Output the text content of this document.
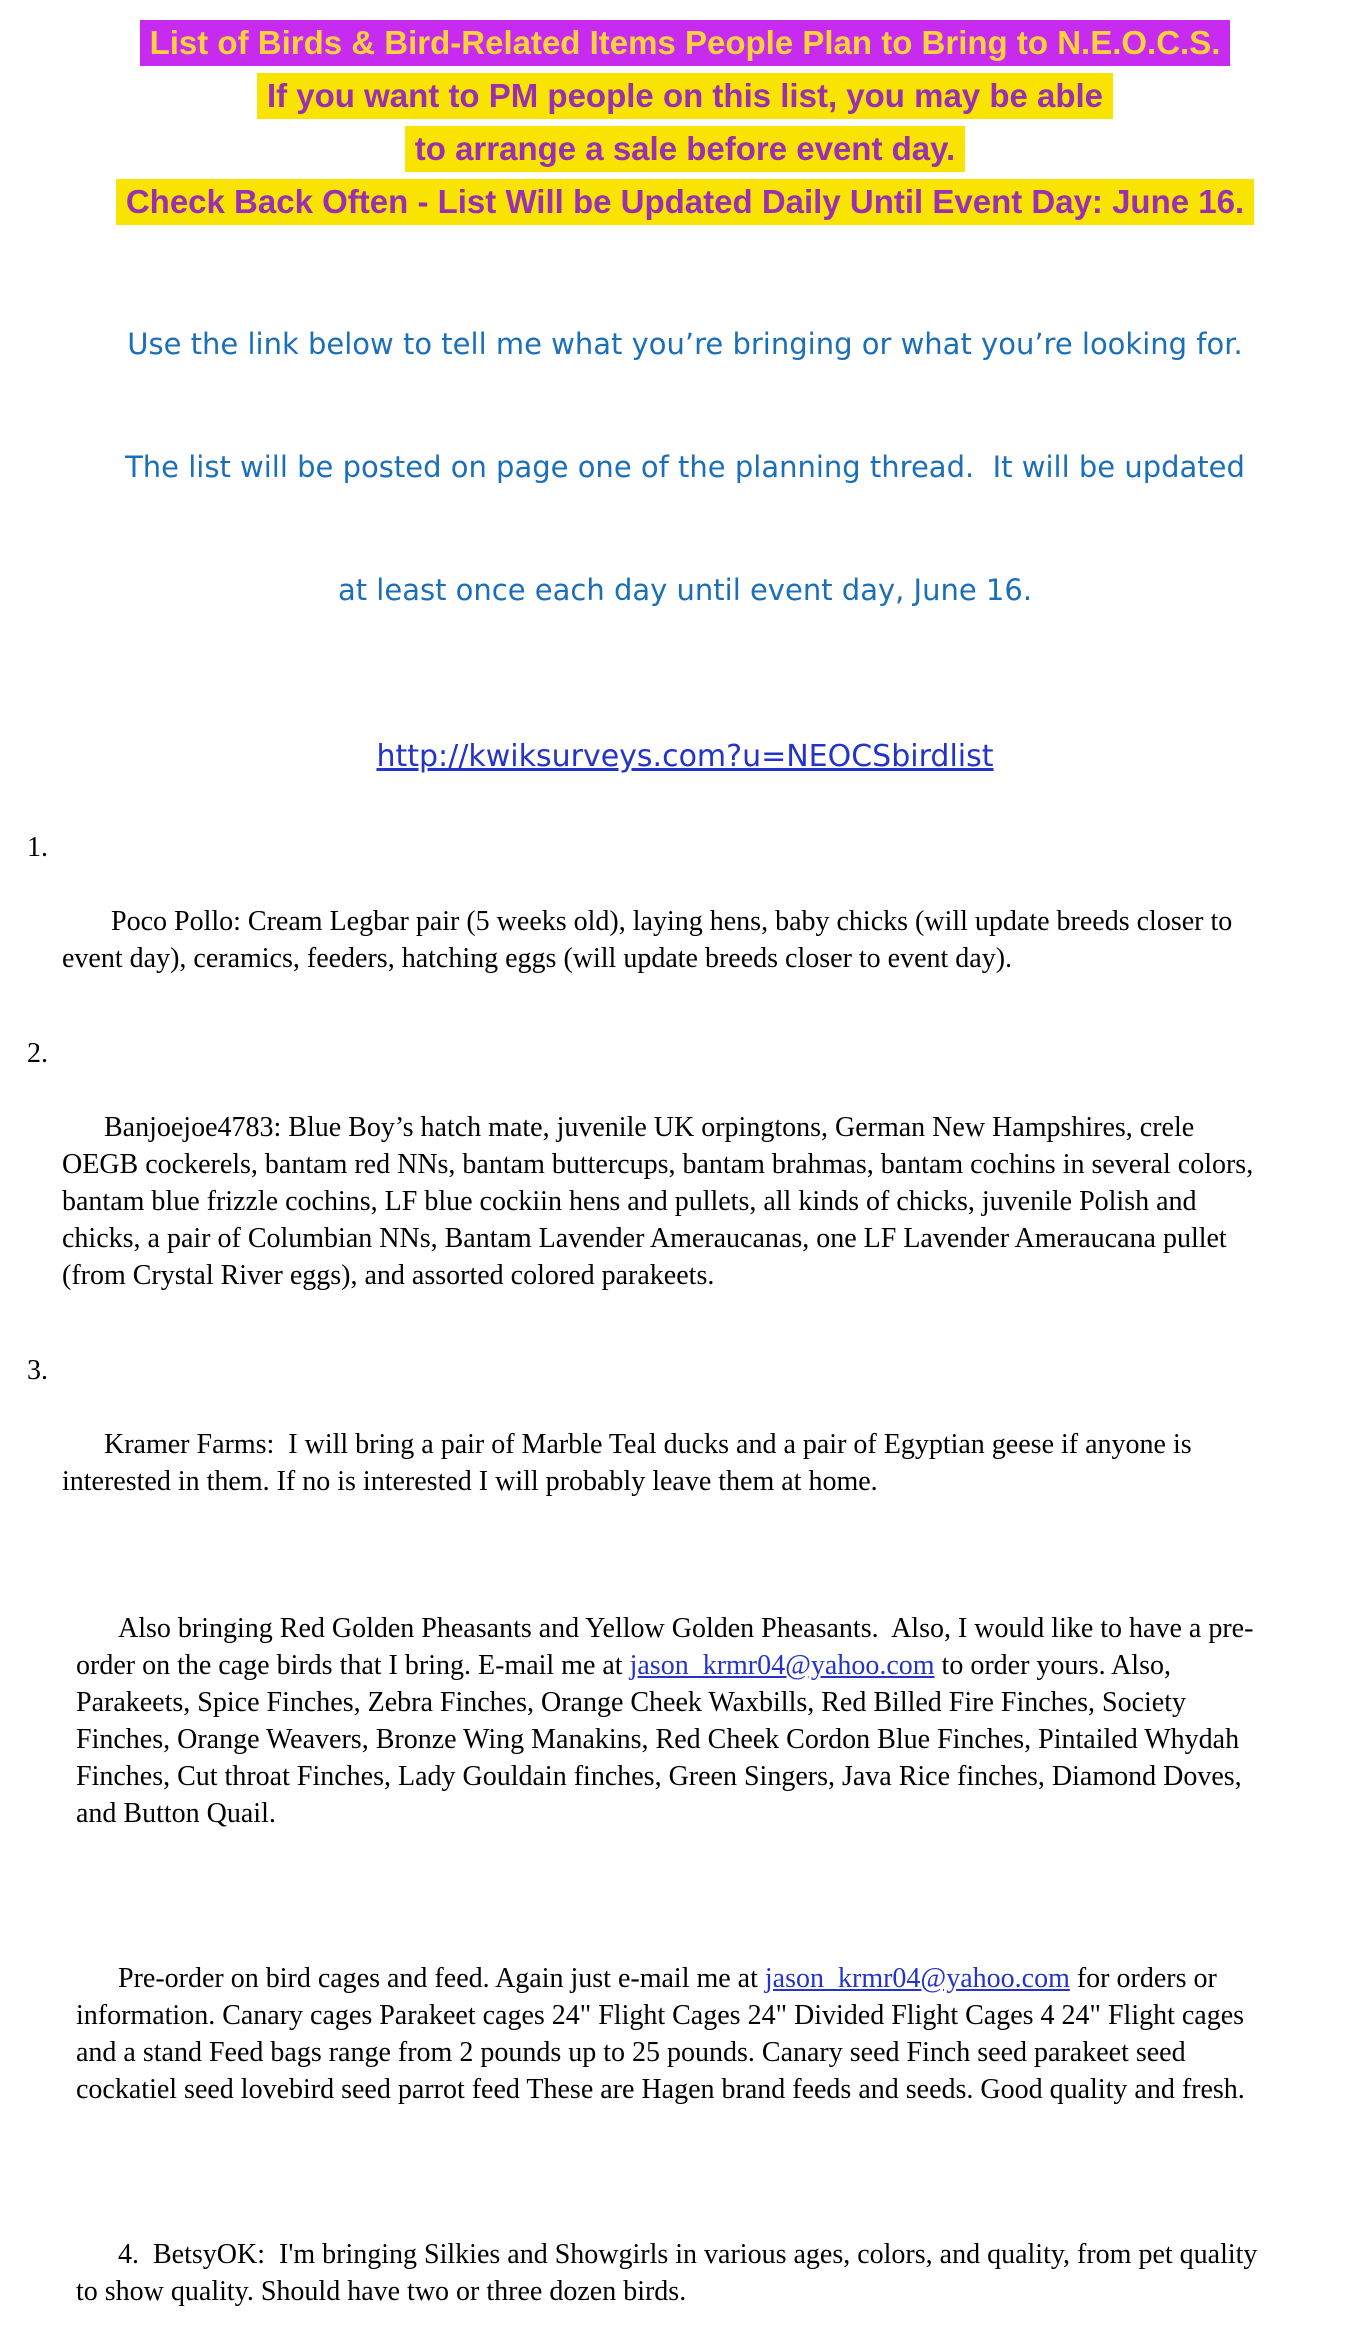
List of Birds & Bird-Related Items People Plan to Bring to N.E.O.C.S.
If you want to PM people on this list, you may be able
to arrange a sale before event day.
Check Back Often - List Will be Updated Daily Until Event Day: June 16.

Use the link below to tell me what you’re bringing or what you’re looking for.

The list will be posted on page one of the planning thread.  It will be updated

at least once each day until event day, June 16.

http://kwiksurveys.com?u=NEOCSbirdlist

1.

Poco Pollo: Cream Legbar pair (5 weeks old), laying hens, baby chicks (will update breeds closer to event day), ceramics, feeders, hatching eggs (will update breeds closer to event day).

2.

Banjoejoe4783: Blue Boy’s hatch mate, juvenile UK orpingtons, German New Hampshires, crele OEGB cockerels, bantam red NNs, bantam buttercups, bantam brahmas, bantam cochins in several colors, bantam blue frizzle cochins, LF blue cockiin hens and pullets, all kinds of chicks, juvenile Polish and chicks, a pair of Columbian NNs, Bantam Lavender Ameraucanas, one LF Lavender Ameraucana pullet (from Crystal River eggs), and assorted colored parakeets.

3.

Kramer Farms:  I will bring a pair of Marble Teal ducks and a pair of Egyptian geese if anyone is interested in them. If no is interested I will probably leave them at home.

Also bringing Red Golden Pheasants and Yellow Golden Pheasants.  Also, I would like to have a pre-order on the cage birds that I bring. E-mail me at jason_krmr04@yahoo.com to order yours. Also, Parakeets, Spice Finches, Zebra Finches, Orange Cheek Waxbills, Red Billed Fire Finches, Society Finches, Orange Weavers, Bronze Wing Manakins, Red Cheek Cordon Blue Finches, Pintailed Whydah Finches, Cut throat Finches, Lady Gouldain finches, Green Singers, Java Rice finches, Diamond Doves, and Button Quail.

Pre-order on bird cages and feed. Again just e-mail me at jason_krmr04@yahoo.com for orders or information. Canary cages Parakeet cages 24" Flight Cages 24" Divided Flight Cages 4 24" Flight cages and a stand Feed bags range from 2 pounds up to 25 pounds. Canary seed Finch seed parakeet seed cockatiel seed lovebird seed parrot feed These are Hagen brand feeds and seeds. Good quality and fresh.

4.  BetsyOK:  I'm bringing Silkies and Showgirls in various ages, colors, and quality, from pet quality to show quality. Should have two or three dozen birds.
